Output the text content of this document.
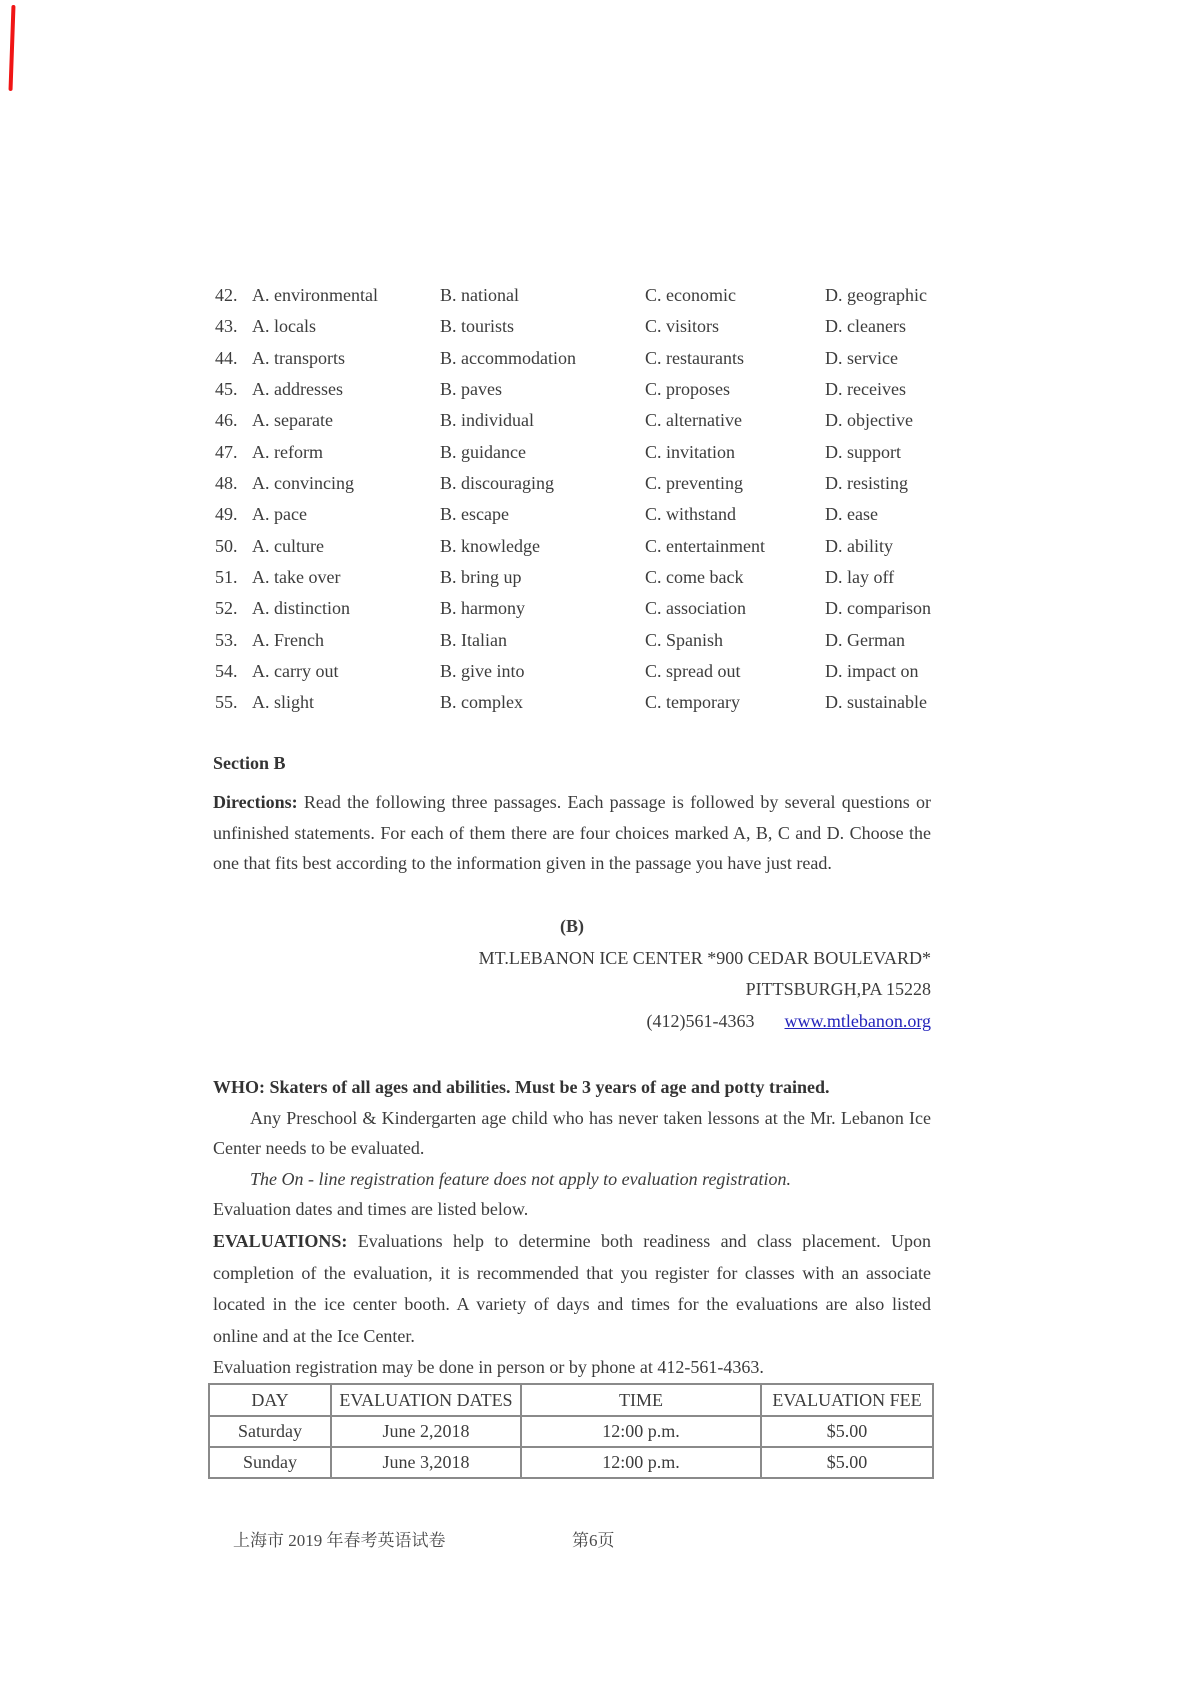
42. A. environmental	B. national	C. economic	D. geographic
43. A. locals	B. tourists	C. visitors	D. cleaners
44. A. transports	B. accommodation	C. restaurants	D. service
45. A. addresses	B. paves	C. proposes	D. receives
46. A. separate	B. individual	C. alternative	D. objective
47. A. reform	B. guidance	C. invitation	D. support
48. A. convincing	B. discouraging	C. preventing	D. resisting
49. A. pace	B. escape	C. withstand	D. ease
50. A. culture	B. knowledge	C. entertainment	D. ability
51. A. take over	B. bring up	C. come back	D. lay off
52. A. distinction	B. harmony	C. association	D. comparison
53. A. French	B. Italian	C. Spanish	D. German
54. A. carry out	B. give into	C. spread out	D. impact on
55. A. slight	B. complex	C. temporary	D. sustainable
Section B
Directions: Read the following three passages. Each passage is followed by several questions or
unfinished statements. For each of them there are four choices marked A, B, C and D. Choose the
one that fits best according to the information given in the passage you have just read.
(B)
MT.LEBANON ICE CENTER *900 CEDAR BOULEVARD*
PITTSBURGH,PA 15228
(412)561-4363 www.mtlebanon.org
WHO: Skaters of all ages and abilities. Must be 3 years of age and potty trained.
Any Preschool & Kindergarten age child who has never taken lessons at the Mr. Lebanon Ice
Center needs to be evaluated.
The On - line registration feature does not apply to evaluation registration.
Evaluation dates and times are listed below.
EVALUATIONS: Evaluations help to determine both readiness and class placement. Upon
completion of the evaluation, it is recommended that you register for classes with an associate
located in the ice center booth. A variety of days and times for the evaluations are also listed
online and at the Ice Center.
Evaluation registration may be done in person or by phone at 412-561-4363.
DAY	EVALUATION DATES	TIME	EVALUATION FEE
Saturday	June 2,2018	12:00 p.m.	$5.00
Sunday	June 3,2018	12:00 p.m.	$5.00
上海市 2019 年春考英语试卷	第6页
